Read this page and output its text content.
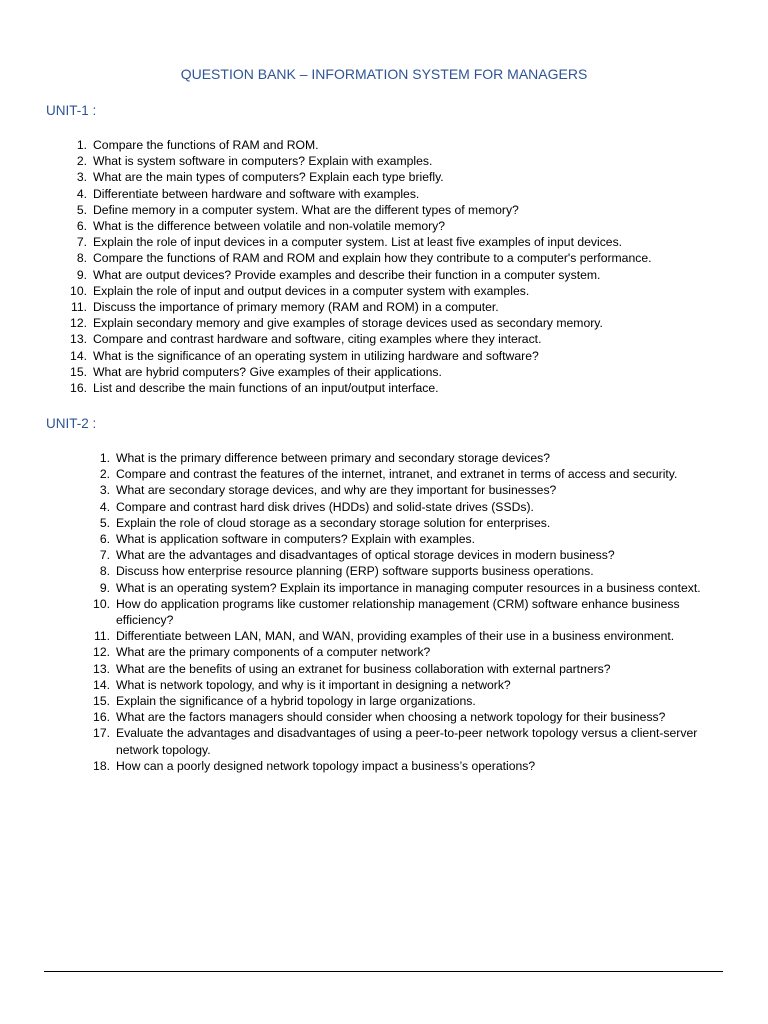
QUESTION BANK – INFORMATION SYSTEM FOR MANAGERS
UNIT-1 :
1. Compare the functions of RAM and ROM.
2. What is system software in computers? Explain with examples.
3. What are the main types of computers? Explain each type briefly.
4. Differentiate between hardware and software with examples.
5. Define memory in a computer system. What are the different types of memory?
6. What is the difference between volatile and non-volatile memory?
7. Explain the role of input devices in a computer system. List at least five examples of input devices.
8. Compare the functions of RAM and ROM and explain how they contribute to a computer's performance.
9. What are output devices? Provide examples and describe their function in a computer system.
10. Explain the role of input and output devices in a computer system with examples.
11. Discuss the importance of primary memory (RAM and ROM) in a computer.
12. Explain secondary memory and give examples of storage devices used as secondary memory.
13. Compare and contrast hardware and software, citing examples where they interact.
14. What is the significance of an operating system in utilizing hardware and software?
15. What are hybrid computers? Give examples of their applications.
16. List and describe the main functions of an input/output interface.
UNIT-2 :
1. What is the primary difference between primary and secondary storage devices?
2. Compare and contrast the features of the internet, intranet, and extranet in terms of access and security.
3. What are secondary storage devices, and why are they important for businesses?
4. Compare and contrast hard disk drives (HDDs) and solid-state drives (SSDs).
5. Explain the role of cloud storage as a secondary storage solution for enterprises.
6. What is application software in computers? Explain with examples.
7. What are the advantages and disadvantages of optical storage devices in modern business?
8. Discuss how enterprise resource planning (ERP) software supports business operations.
9. What is an operating system? Explain its importance in managing computer resources in a business context.
10. How do application programs like customer relationship management (CRM) software enhance business efficiency?
11. Differentiate between LAN, MAN, and WAN, providing examples of their use in a business environment.
12. What are the primary components of a computer network?
13. What are the benefits of using an extranet for business collaboration with external partners?
14. What is network topology, and why is it important in designing a network?
15. Explain the significance of a hybrid topology in large organizations.
16. What are the factors managers should consider when choosing a network topology for their business?
17. Evaluate the advantages and disadvantages of using a peer-to-peer network topology versus a client-server network topology.
18. How can a poorly designed network topology impact a business’s operations?
